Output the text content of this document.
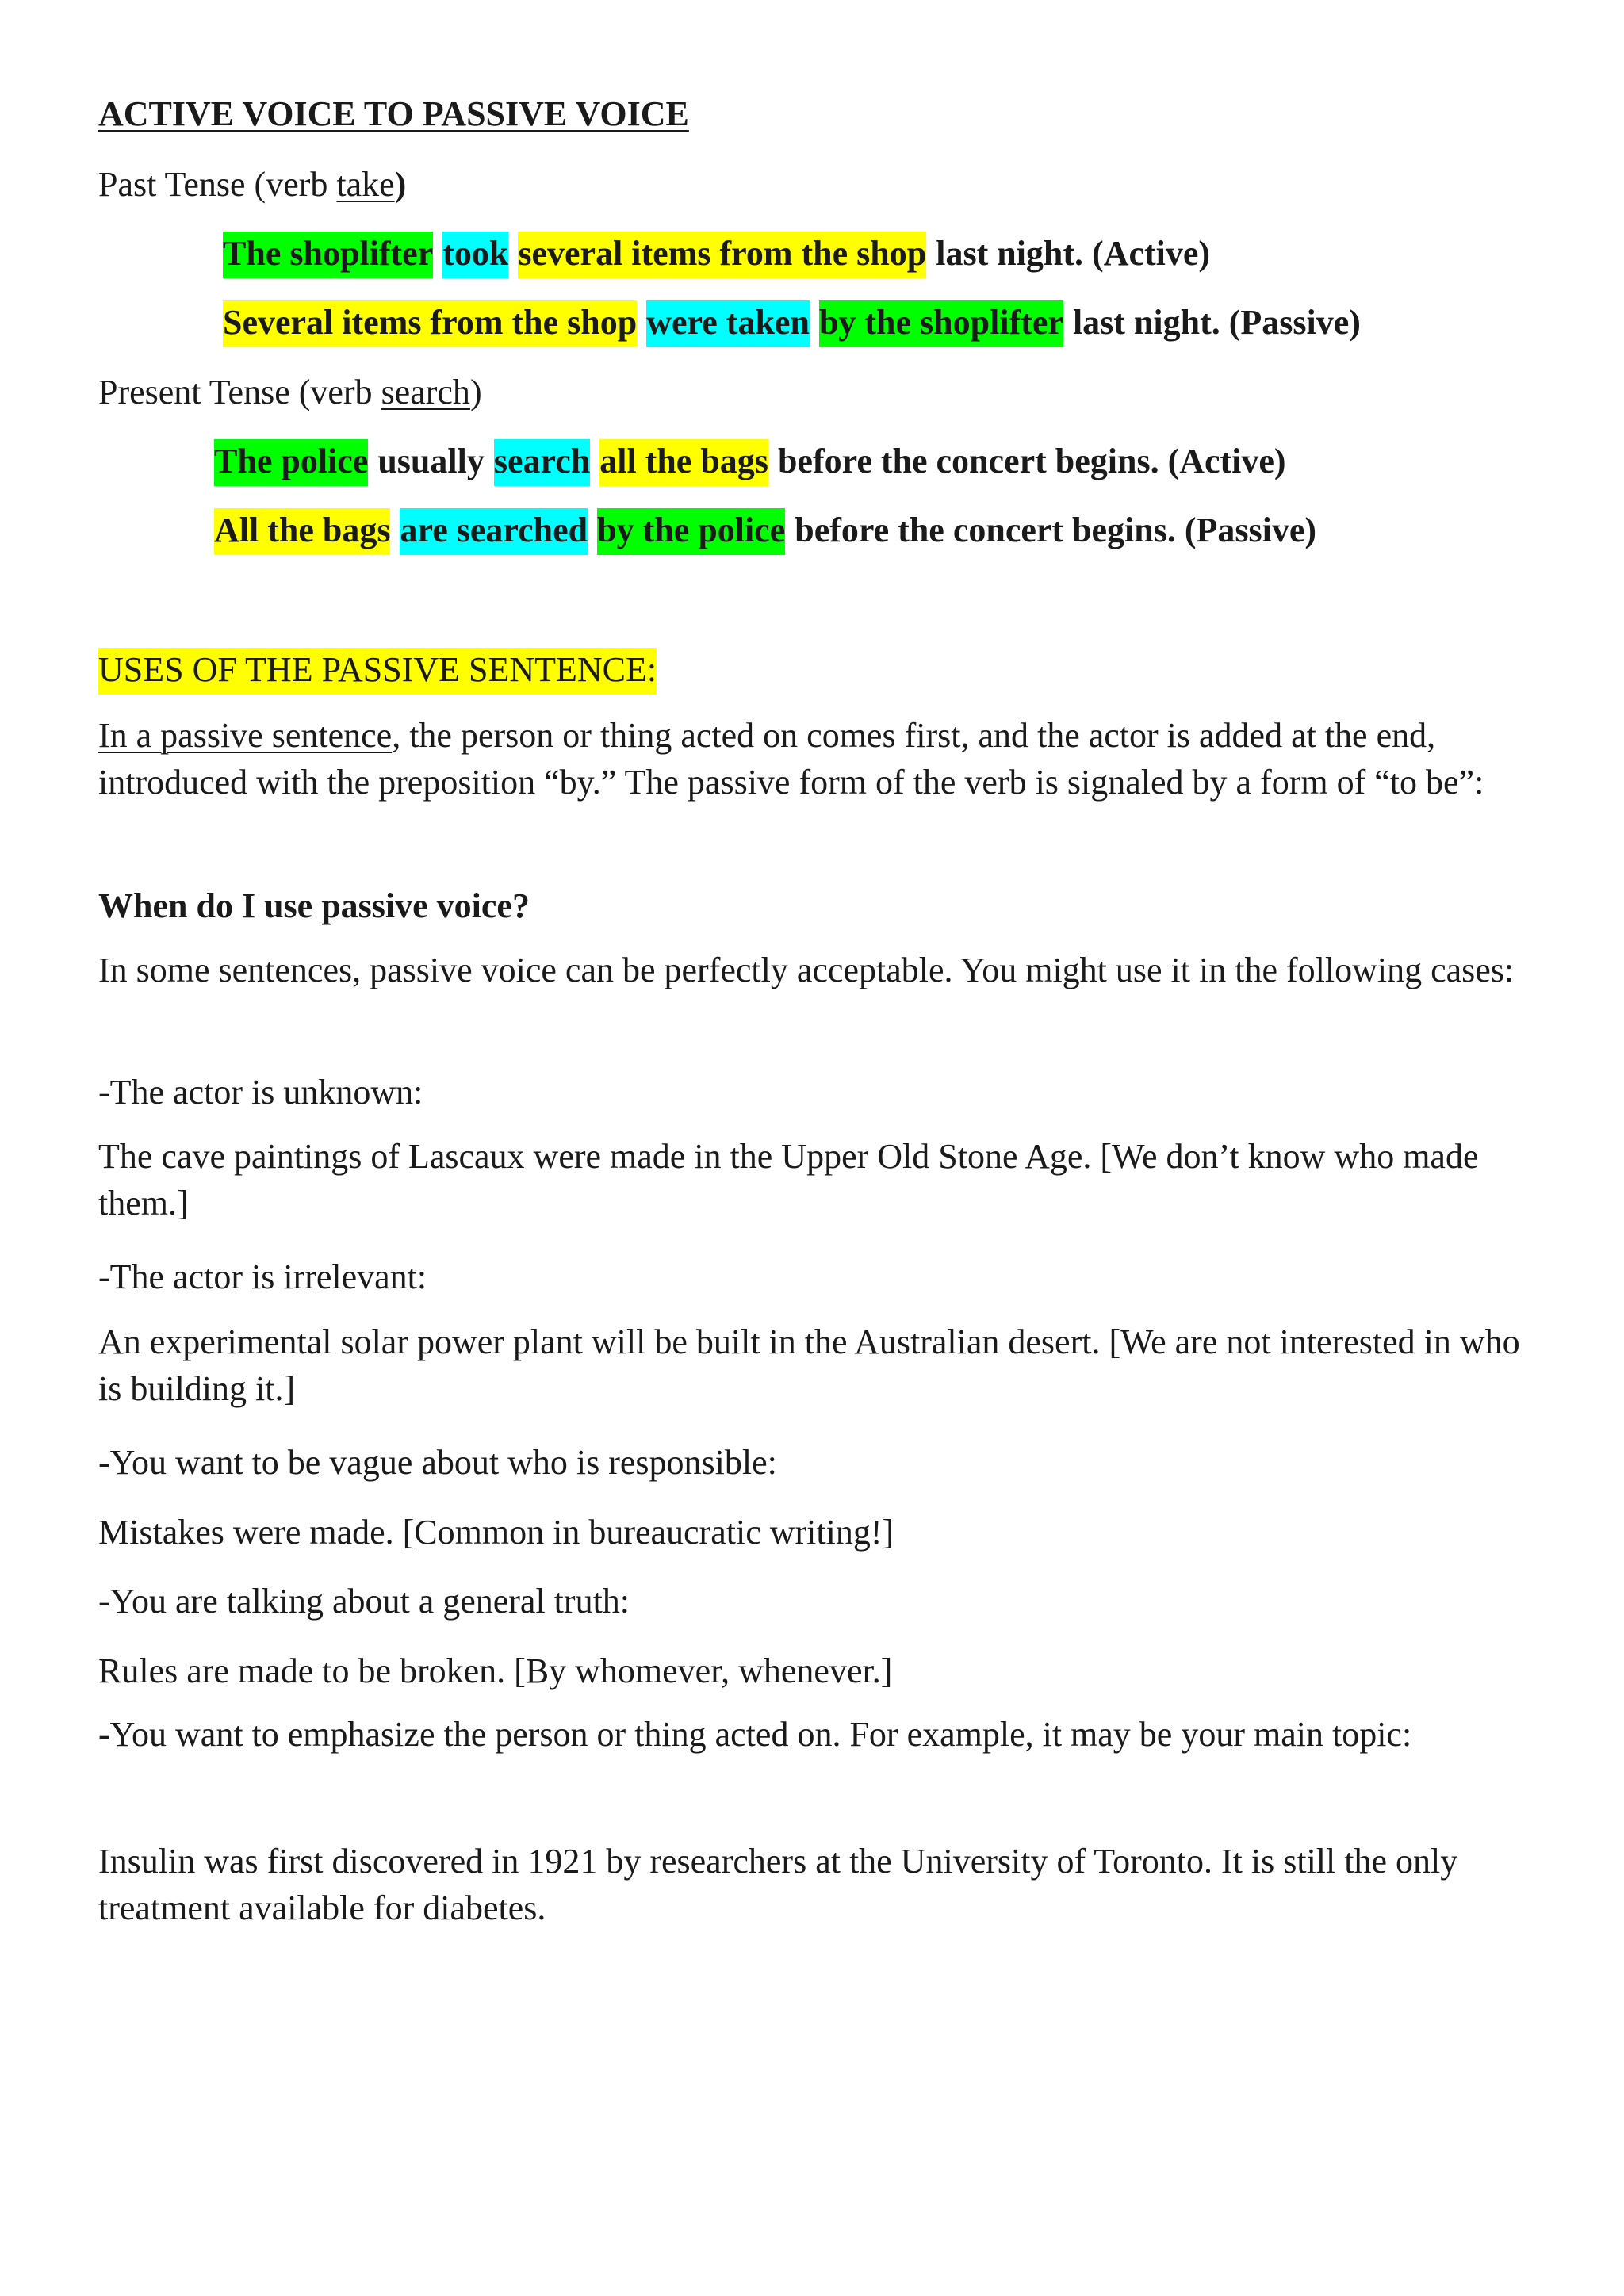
ACTIVE VOICE TO PASSIVE VOICE

Past Tense (verb take)

The shoplifter took several items from the shop last night. (Active)

Several items from the shop were taken by the shoplifter last night. (Passive)

Present Tense (verb search)

The police usually search all the bags before the concert begins. (Active)

All the bags are searched by the police before the concert begins. (Passive)

USES OF THE PASSIVE SENTENCE:

In a passive sentence, the person or thing acted on comes first, and the actor is added at the end, introduced with the preposition “by.” The passive form of the verb is signaled by a form of “to be”:

When do I use passive voice?

In some sentences, passive voice can be perfectly acceptable. You might use it in the following cases:

-The actor is unknown:

The cave paintings of Lascaux were made in the Upper Old Stone Age. [We don’t know who made them.]

-The actor is irrelevant:

An experimental solar power plant will be built in the Australian desert. [We are not interested in who is building it.]

-You want to be vague about who is responsible:

Mistakes were made. [Common in bureaucratic writing!]

-You are talking about a general truth:

Rules are made to be broken. [By whomever, whenever.]

-You want to emphasize the person or thing acted on. For example, it may be your main topic:

Insulin was first discovered in 1921 by researchers at the University of Toronto. It is still the only treatment available for diabetes.
